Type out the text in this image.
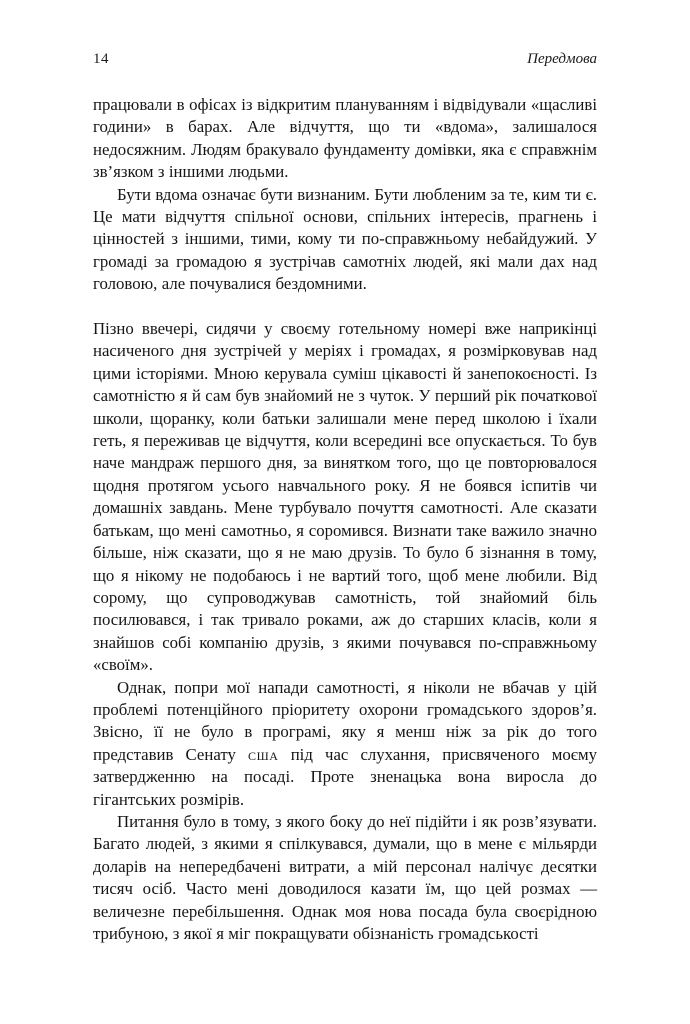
14	Передмова

працювали в офісах із відкритим плануванням і відвідували «щасливі години» в барах. Але відчуття, що ти «вдома», залишалося недосяжним. Людям бракувало фундаменту домівки, яка є справжнім зв’язком з іншими людьми.

Бути вдома означає бути визнаним. Бути любленим за те, ким ти є. Це мати відчуття спільної основи, спільних інтересів, прагнень і цінностей з іншими, тими, кому ти по-справжньому небайдужий. У громаді за громадою я зустрічав самотніх людей, які мали дах над головою, але почувалися бездомними.

Пізно ввечері, сидячи у своєму готельному номері вже наприкінці насиченого дня зустрічей у меріях і громадах, я розмірковував над цими історіями. Мною керувала суміш цікавості й занепокоєності. Із самотністю я й сам був знайомий не з чуток. У перший рік початкової школи, щоранку, коли батьки залишали мене перед школою і їхали геть, я переживав це відчуття, коли всередині все опускається. То був наче мандраж першого дня, за винятком того, що це повторювалося щодня протягом усього навчального року. Я не боявся іспитів чи домашніх завдань. Мене турбувало почуття самотності. Але сказати батькам, що мені самотньо, я соромився. Визнати таке важило значно більше, ніж сказати, що я не маю друзів. То було б зізнання в тому, що я нікому не подобаюсь і не вартий того, щоб мене любили. Від сорому, що супроводжував самотність, той знайомий біль посилювався, і так тривало роками, аж до старших класів, коли я знайшов собі компанію друзів, з якими почувався по-справжньому «своїм».

Однак, попри мої напади самотності, я ніколи не вбачав у цій проблемі потенційного пріоритету охорони громадського здоров’я. Звісно, її не було в програмі, яку я менш ніж за рік до того представив Сенату сша під час слухання, присвяченого моєму затвердженню на посаді. Проте зненацька вона виросла до гігантських розмірів.

Питання було в тому, з якого боку до неї підійти і як розв’язувати. Багато людей, з якими я спілкувався, думали, що в мене є мільярди доларів на непередбачені витрати, а мій персонал налічує десятки тисяч осіб. Часто мені доводилося казати їм, що цей розмах — величезне перебільшення. Однак моя нова посада була своєрідною трибуною, з якої я міг покращувати обізнаність громадськості
